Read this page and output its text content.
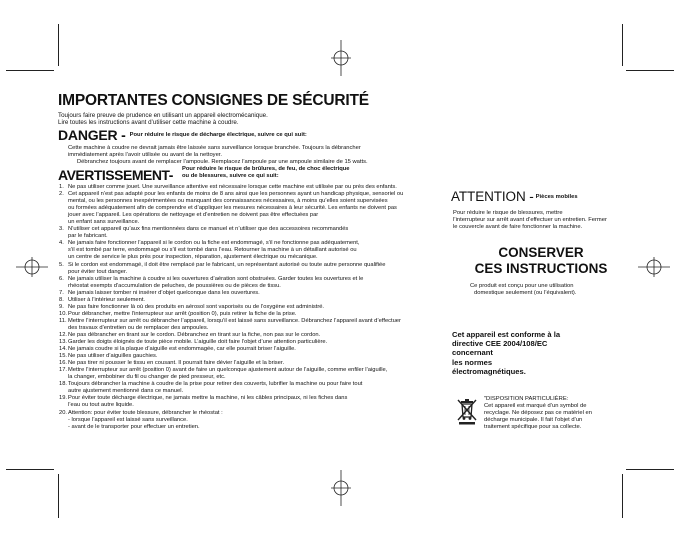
IMPORTANTES CONSIGNES DE SÉCURITÉ
Toujours faire preuve de prudence en utilisant un appareil electromécanique.
Lire toutes les instructions avant d’utiliser cette machine à coudre.
DANGER - $^{Pour réduire le risque de décharge électrique, suivre ce qui suit:}$
Cette machine à coudre ne devrait jamais être laissée sans surveillance lorsque branchée. Toujours la débrancher
immédiatement après l’avoir utilisée ou avant de la nettoyer.
Débranchez toujours avant de remplacer l’ampoule. Remplacez l’ampoule par une ampoule similaire de 15 watts.
AVERTISSEMENT- Pour réduire le risque de brûlures, de feu, de choc électrique
ou de blessures, suivre ce qui suit:
1. Ne pas utiliser comme jouet. Une surveillance attentive est nécessaire lorsque cette machine est utilisée par ou près des enfants.
2. Cet appareil n’est pas adapté pour les enfants de moins de 8 ans ainsi que les personnes ayant un handicap physique, sensoriel ou
mental, ou les personnes inexpérimentées ou manquant des connaissances nécessaires, à moins qu’elles soient supervisées
ou formées adéquatement afin de comprendre et d’appliquer les mesures nécessaires à leur sécurité. Les enfants ne doivent pas
jouer avec l’appareil. Les opérations de nettoyage et d’entretien ne doivent pas être effectuées par
un enfant sans surveillance.
3. N’utiliser cet appareil qu’aux fins mentionnées dans ce manuel et n’utiliser que des accessoires recommandés
par le fabricant.
4. Ne jamais faire fonctionner l’appareil si le cordon ou la fiche est endommagé, s’il ne fonctionne pas adéquatement,
s’il est tombé par terre, endommagé ou s’il est tombé dans l’eau. Retourner la machine à un détaillant autorisé ou
un centre de service le plus près pour inspection, réparation, ajustement électrique ou mécanique.
5. Si le cordon est endommagé, il doit être remplacé par le fabricant, un représentant autorisé ou toute autre personne qualifiée
pour éviter tout danger.
6. Ne jamais utiliser la machine à coudre si les ouvertures d’aération sont obstruées. Garder toutes les ouvertures et le
rhéostat exempts d’accumulation de peluches, de poussières ou de pièces de tissu.
7. Ne jamais laisser tomber ni insérer d’objet quelconque dans les ouvertures.
8. Utiliser à l’intérieur seulement.
9. Ne pas faire fonctionner là où des produits en aérosol sont vaporisés ou de l’oxygène est administré.
10. Pour débrancher, mettre l’interrupteur sur arrêt (position 0), puis retirer la fiche de la prise.
11. Mettre l’interrupteur sur arrêt ou débrancher l’appareil, lorsqu’il est laissé sans surveillance. Débranchez l’appareil avant d’effectuer
des travaux d’entretien ou de remplacer des ampoules.
12. Ne pas débrancher en tirant sur le cordon. Débranchez en tirant sur la fiche, non pas sur le cordon.
13. Garder les doigts éloignés de toute pièce mobile. L’aiguille doit faire l’objet d’une attention particulière.
14. Ne jamais coudre si la plaque d’aiguille est endommagée, car elle pourrait briser l’aiguille.
15. Ne pas utiliser d’aiguilles gauchies.
16. Ne pas tirer ni pousser le tissu en cousant. Il pourrait faire dévier l’aiguille et la briser.
17. Mettre l’interrupteur sur arrêt (position 0) avant de faire un quelconque ajustement autour de l’aiguille, comme enfiler l’aiguille,
la changer, embobiner du fil ou changer de pied presseur, etc.
18. Toujours débrancher la machine à coudre de la prise pour retirer des couverts, lubrifier la machine ou pour faire tout
autre ajustement mentionné dans ce manuel.
19. Pour éviter toute décharge électrique, ne jamais mettre la machine, ni les câbles principaux, ni les fiches dans
l’eau ou tout autre liquide.
20. Attention: pour éviter toute blessure, débrancher le rhéostat :
- lorsque l’appareil est laissé sans surveillance.
- avant de le transporter pour effectuer un entretien.
ATTENTION - Pièces mobiles
Pour réduire le risque de blessures, mettre
l’interrupteur sur arrêt avant d’effectuer un entretien. Fermer
le couvercle avant de faire fonctionner la machine.
CONSERVER
CES INSTRUCTIONS
Ce produit est conçu pour une utilisation
domestique seulement (ou l’équivalent).
Cet appareil est conforme à la
directive CEE 2004/108/EC
concernant
les normes
électromagnétiques.
"DISPOSITION PARTICULIÈRE:
Cet appareil est marqué d’un symbol de
recyclage. Ne déposez pas ce matériel en
décharge municipale. Il fait l’objet d’un
traitement spécifique pour sa collecte.
